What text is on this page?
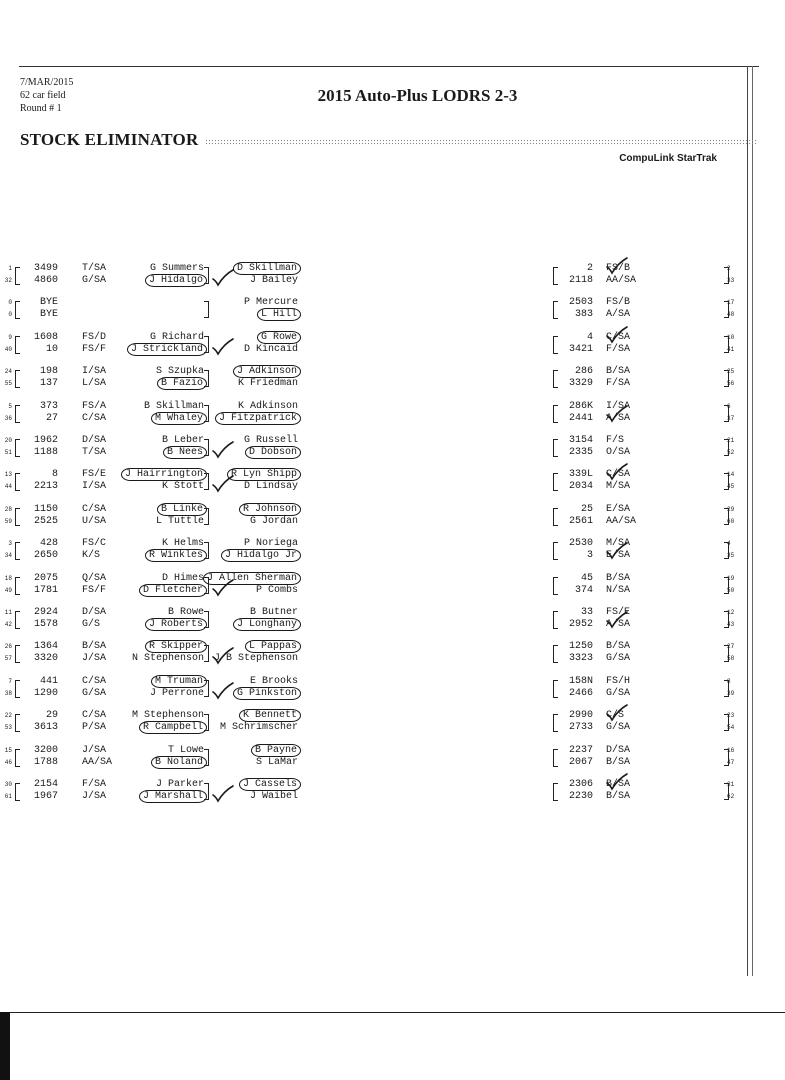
7/MAR/2015
62 car field
Round # 1
2015 Auto-Plus LODRS 2-3
STOCK ELIMINATOR
CompuLink StarTrak
1
32
3499
4860
T/SA
G/SA
G Summers
J Hidalgo
0
0
BYE
BYE
9
40
1608
10
FS/D
FS/F
G Richard
J Strickland
24
55
198
137
I/SA
L/SA
S Szupka
B Fazio
5
36
373
27
FS/A
C/SA
B Skillman
M Whaley
20
51
1962
1188
D/SA
T/SA
B Leber
B Nees
13
44
8
2213
FS/E
I/SA
J Hairrington
K Stott
28
59
1150
2525
C/SA
U/SA
B Linke
L Tuttle
3
34
428
2650
FS/C
K/S
K Helms
R Winkles
18
49
2075
1781
Q/SA
FS/F
D Himes
D Fletcher
11
42
2924
1578
D/SA
G/S
B Rowe
J Roberts
26
57
1364
3320
B/SA
J/SA
R Skipper
N Stephenson
7
38
441
1290
C/SA
G/SA
M Truman
J Perrone
22
53
29
3613
C/SA
P/SA
M Stephenson
R Campbell
15
46
3200
1788
J/SA
AA/SA
T Lowe
B Noland
30
61
2154
1967
F/SA
J/SA
J Parker
J Marshall
2
33
2
2118
FS/B
AA/SA
D Skillman
J Bailey
17
48
2503
383
FS/B
A/SA
P Mercure
L Hill
10
41
4
3421
C/SA
F/SA
G Rowe
D Kincaid
25
56
286
3329
B/SA
F/SA
J Adkinson
K Friedman
6
37
286K
2441
I/SA
A/SA
K Adkinson
J Fitzpatrick
21
52
3154
2335
F/S
O/SA
G Russell
D Dobson
14
45
339L
2034
C/SA
M/SA
R Lyn Shipp
D Lindsay
29
60
25
2561
E/SA
AA/SA
R Johnson
G Jordan
4
35
2530
3
M/SA
E/SA
P Noriega
J Hidalgo Jr
19
50
45
374
B/SA
N/SA
J Allen Sherman
P Combs
12
43
33
2952
FS/E
A/SA
B Butner
J Longhany
27
58
1250
3323
B/SA
G/SA
L Pappas
J B Stephenson
8
39
158N
2466
FS/H
G/SA
E Brooks
G Pinkston
23
54
2990
2733
C/S
G/SA
K Bennett
M Schrimscher
16
47
2237
2067
D/SA
B/SA
B Payne
S LaMar
31
62
2306
2230
B/SA
B/SA
J Cassels
J Waibel
